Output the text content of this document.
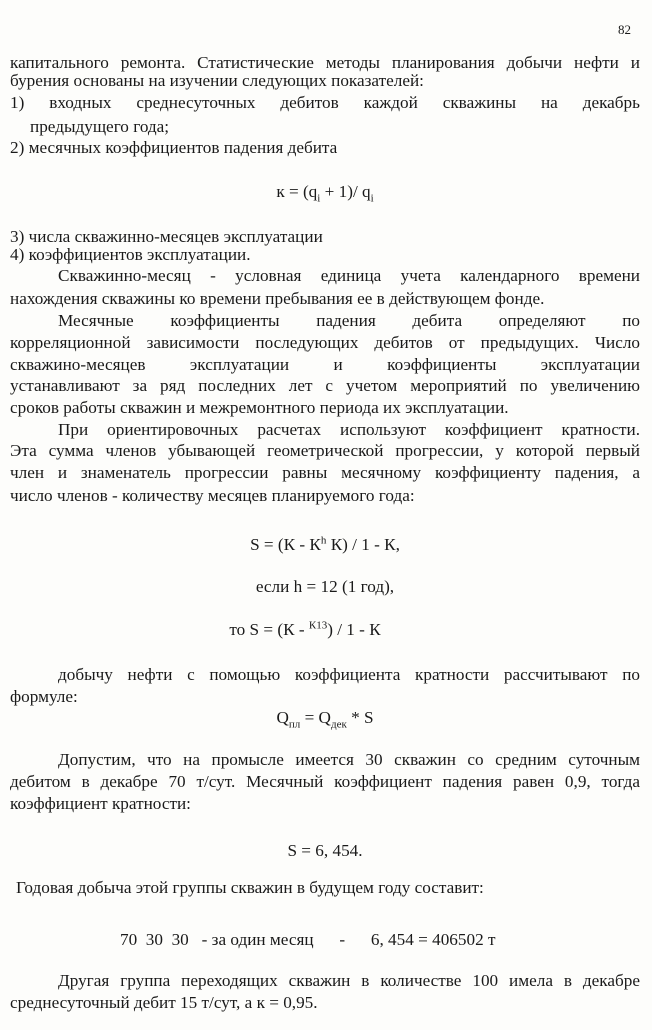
82
капитального ремонта. Статистические методы планирования добычи нефти и
бурения основаны на изучении следующих показателей:
1) входных среднесуточных дебитов каждой скважины на декабрь
предыдущего года;
2) месячных коэффициентов падения дебита
$к = (q_i + 1)/$ $q_i$
3) числа скважинно-месяцев эксплуатации
4) коэффициентов эксплуатации.
Скважинно-месяц - условная единица учета календарного времени
нахождения скважины ко времени пребывания ее в действующем фонде.
Месячные коэффициенты падения дебита определяют по
корреляционной зависимости последующих дебитов от предыдущих. Число
скважино-месяцев эксплуатации и коэффициенты эксплуатации
устанавливают за ряд последних лет с учетом мероприятий по увеличению
сроков работы скважин и межремонтного периода их эксплуатации.
При ориентировочных расчетах используют коэффициент кратности.
Эта сумма членов убывающей геометрической прогрессии, у которой первый
член и знаменатель прогрессии равны месячному коэффициенту падения, а
число членов - количеству месяцев планируемого года:
$S = (К - К^h$ К) / 1 - К,
если h = 12 (1 год),
то S = (К - $^{К13}$) / 1 - К
добычу нефти с помощью коэффициента кратности рассчитывают по
формуле:
$Q_{пл} = Q_{дек} * S$
Допустим, что на промысле имеется 30 скважин со средним суточным
дебитом в декабре 70 т/сут. Месячный коэффициент падения равен 0,9, тогда
коэффициент кратности:
S = 6, 454.
Годовая добыча этой группы скважин в будущем году составит:
70  30  30   - за один месяц      -      6, 454 = 406502 т
Другая группа переходящих скважин в количестве 100 имела в декабре
среднесуточный дебит 15 т/сут, а к = 0,95.
